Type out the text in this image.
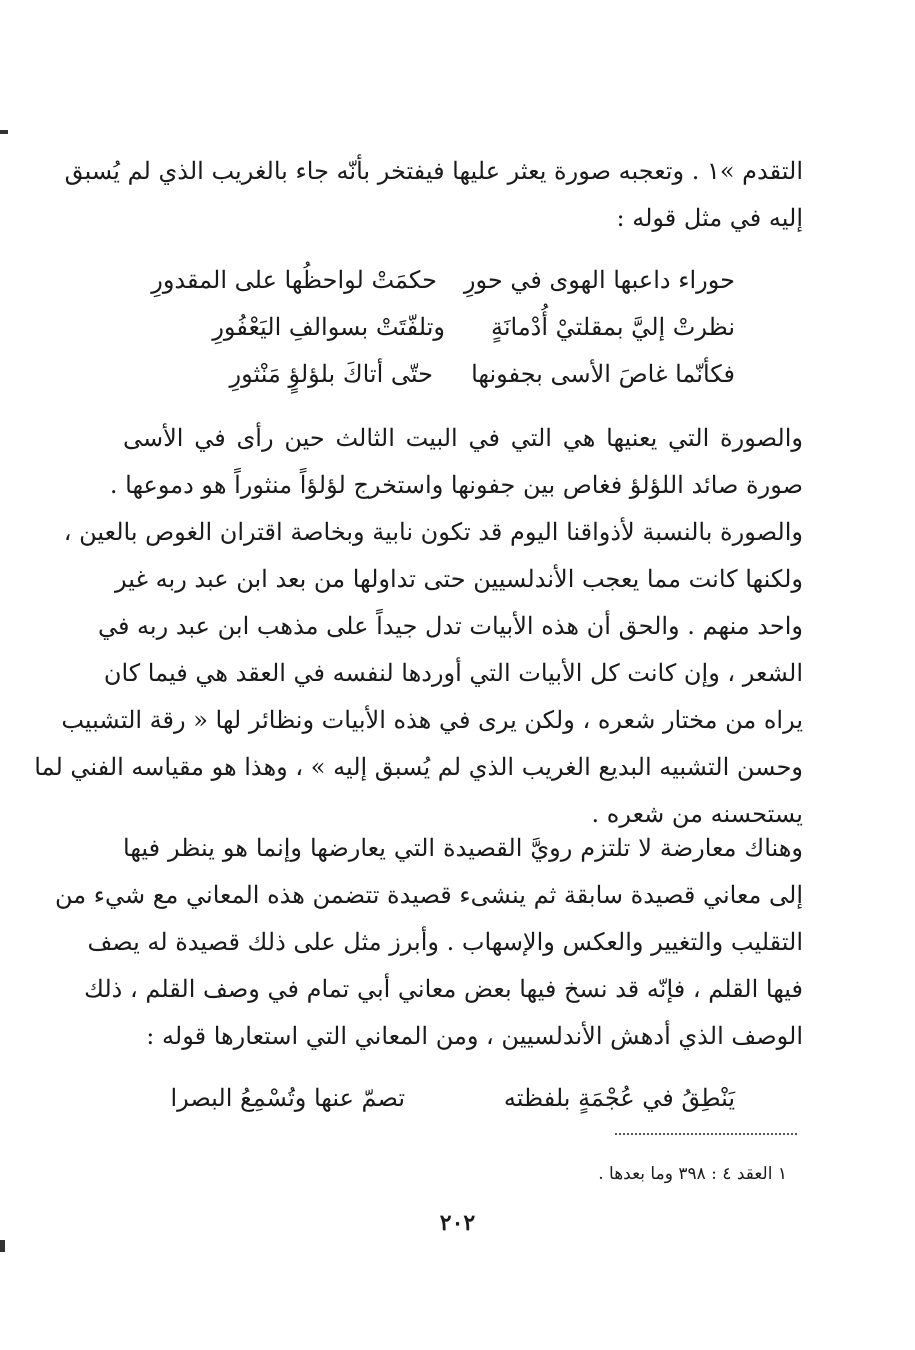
التقدم »١ . وتعجبه صورة يعثر عليها فيفتخر بأنّه جاء بالغريب الذي لم يُسبق
إليه في مثل قوله :
حوراء داعبها الهوى في حورِ
حكمَتْ لواحظُها على المقدورِ
نظرتْ إليَّ بمقلتيْ أُدْمانَةٍ
وتلفّتَتْ بسوالفِ اليَعْفُورِ
فكأنّما غاصَ الأسى بجفونها
حتّى أتاكَ بلؤلؤٍ مَنْثورِ
والصورة التي يعنيها هي التي في البيت الثالث حين رأى في الأسى
صورة صائد اللؤلؤ فغاص بين جفونها واستخرج لؤلؤاً منثوراً هو دموعها .
والصورة بالنسبة لأذواقنا اليوم قد تكون نابية وبخاصة اقتران الغوص بالعين ،
ولكنها كانت مما يعجب الأندلسيين حتى تداولها من بعد ابن عبد ربه غير
واحد منهم . والحق أن هذه الأبيات تدل جيداً على مذهب ابن عبد ربه في
الشعر ، وإن كانت كل الأبيات التي أوردها لنفسه في العقد هي فيما كان
يراه من مختار شعره ، ولكن يرى في هذه الأبيات ونظائر لها « رقة التشبيب
وحسن التشبيه البديع الغريب الذي لم يُسبق إليه » ، وهذا هو مقياسه الفني لما
يستحسنه من شعره .
وهناك معارضة لا تلتزم رويَّ القصيدة التي يعارضها وإنما هو ينظر فيها
إلى معاني قصيدة سابقة ثم ينشىء قصيدة تتضمن هذه المعاني مع شيء من
التقليب والتغيير والعكس والإسهاب . وأبرز مثل على ذلك قصيدة له يصف
فيها القلم ، فإنّه قد نسخ فيها بعض معاني أبي تمام في وصف القلم ، ذلك
الوصف الذي أدهش الأندلسيين ، ومن المعاني التي استعارها قوله :
يَنْطِقُ في عُجْمَةٍ بلفظته
تصمّ عنها وتُسْمِعُ البصرا
١ العقد ٤ : ٣٩٨ وما بعدها .
٢٠٢
